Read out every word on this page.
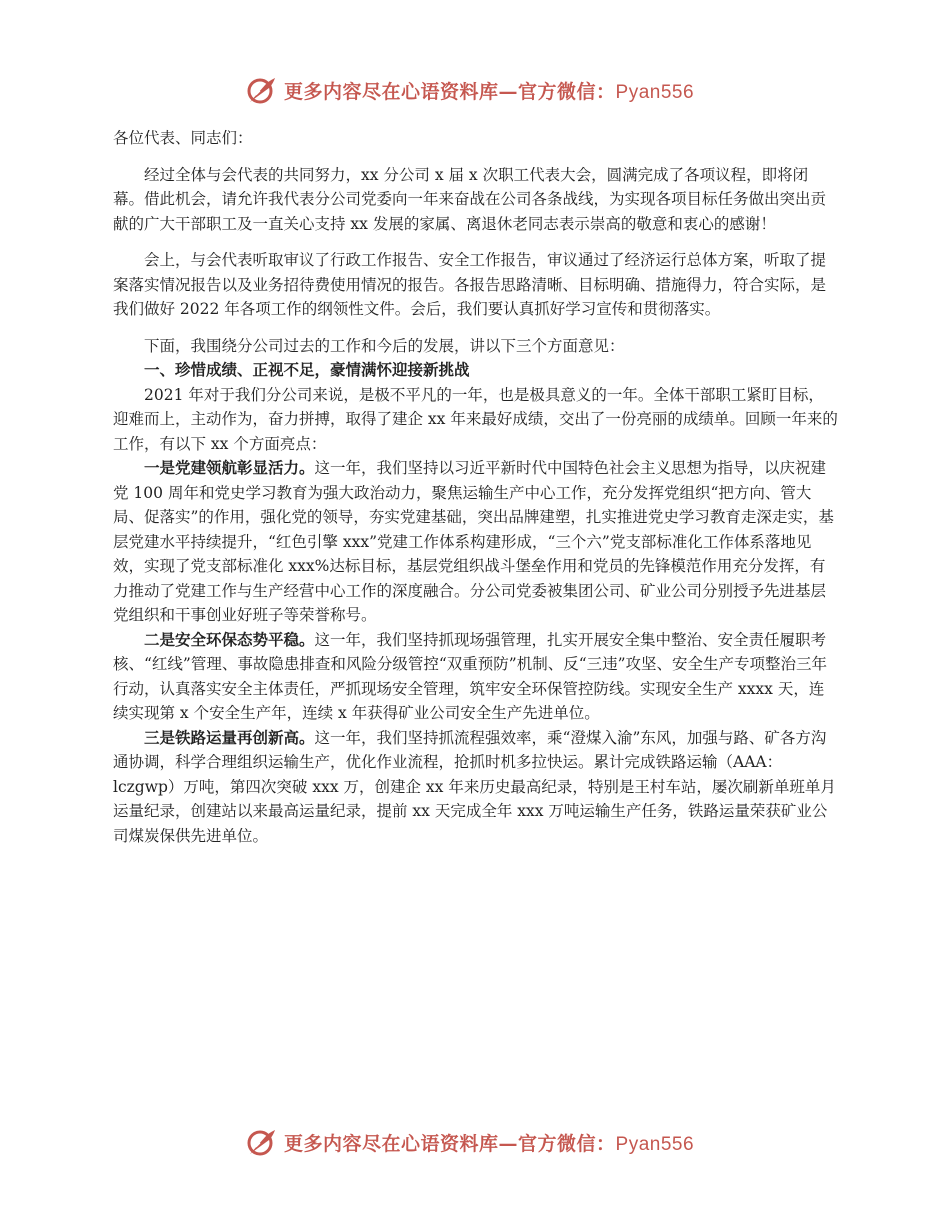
更多内容尽在心语资料库—官方微信：Pyan556

各位代表、同志们：

经过全体与会代表的共同努力，xx 分公司 x 届 x 次职工代表大会，圆满完成了各项议程，即将闭幕。借此机会，请允许我代表分公司党委向一年来奋战在公司各条战线，为实现各项目标任务做出突出贡献的广大干部职工及一直关心支持 xx 发展的家属、离退休老同志表示崇高的敬意和衷心的感谢！

会上，与会代表听取审议了行政工作报告、安全工作报告，审议通过了经济运行总体方案，听取了提案落实情况报告以及业务招待费使用情况的报告。各报告思路清晰、目标明确、措施得力，符合实际，是我们做好 2022 年各项工作的纲领性文件。会后，我们要认真抓好学习宣传和贯彻落实。

下面，我围绕分公司过去的工作和今后的发展，讲以下三个方面意见：

一、珍惜成绩、正视不足，豪情满怀迎接新挑战

2021 年对于我们分公司来说，是极不平凡的一年，也是极具意义的一年。全体干部职工紧盯目标，迎难而上，主动作为，奋力拼搏，取得了建企 xx 年来最好成绩，交出了一份亮丽的成绩单。回顾一年来的工作，有以下 xx 个方面亮点：

一是党建领航彰显活力。这一年，我们坚持以习近平新时代中国特色社会主义思想为指导，以庆祝建党 100 周年和党史学习教育为强大政治动力，聚焦运输生产中心工作，充分发挥党组织“把方向、管大局、促落实”的作用，强化党的领导，夯实党建基础，突出品牌建塑，扎实推进党史学习教育走深走实，基层党建水平持续提升，“红色引擎 xxx”党建工作体系构建形成，“三个六”党支部标准化工作体系落地见效，实现了党支部标准化 xxx%达标目标，基层党组织战斗堡垒作用和党员的先锋模范作用充分发挥，有力推动了党建工作与生产经营中心工作的深度融合。分公司党委被集团公司、矿业公司分别授予先进基层党组织和干事创业好班子等荣誉称号。

二是安全环保态势平稳。这一年，我们坚持抓现场强管理，扎实开展安全集中整治、安全责任履职考核、“红线”管理、事故隐患排查和风险分级管控“双重预防”机制、反“三违”攻坚、安全生产专项整治三年行动，认真落实安全主体责任，严抓现场安全管理，筑牢安全环保管控防线。实现安全生产 xxxx 天，连续实现第 x 个安全生产年，连续 x 年获得矿业公司安全生产先进单位。

三是铁路运量再创新高。这一年，我们坚持抓流程强效率，乘“澄煤入渝”东风，加强与路、矿各方沟通协调，科学合理组织运输生产，优化作业流程，抢抓时机多拉快运。累计完成铁路运输（AAA：lczgwp）万吨，第四次突破 xxx 万，创建企 xx 年来历史最高纪录，特别是王村车站，屡次刷新单班单月运量纪录，创建站以来最高运量纪录，提前 xx 天完成全年 xxx 万吨运输生产任务，铁路运量荣获矿业公司煤炭保供先进单位。

更多内容尽在心语资料库—官方微信：Pyan556
